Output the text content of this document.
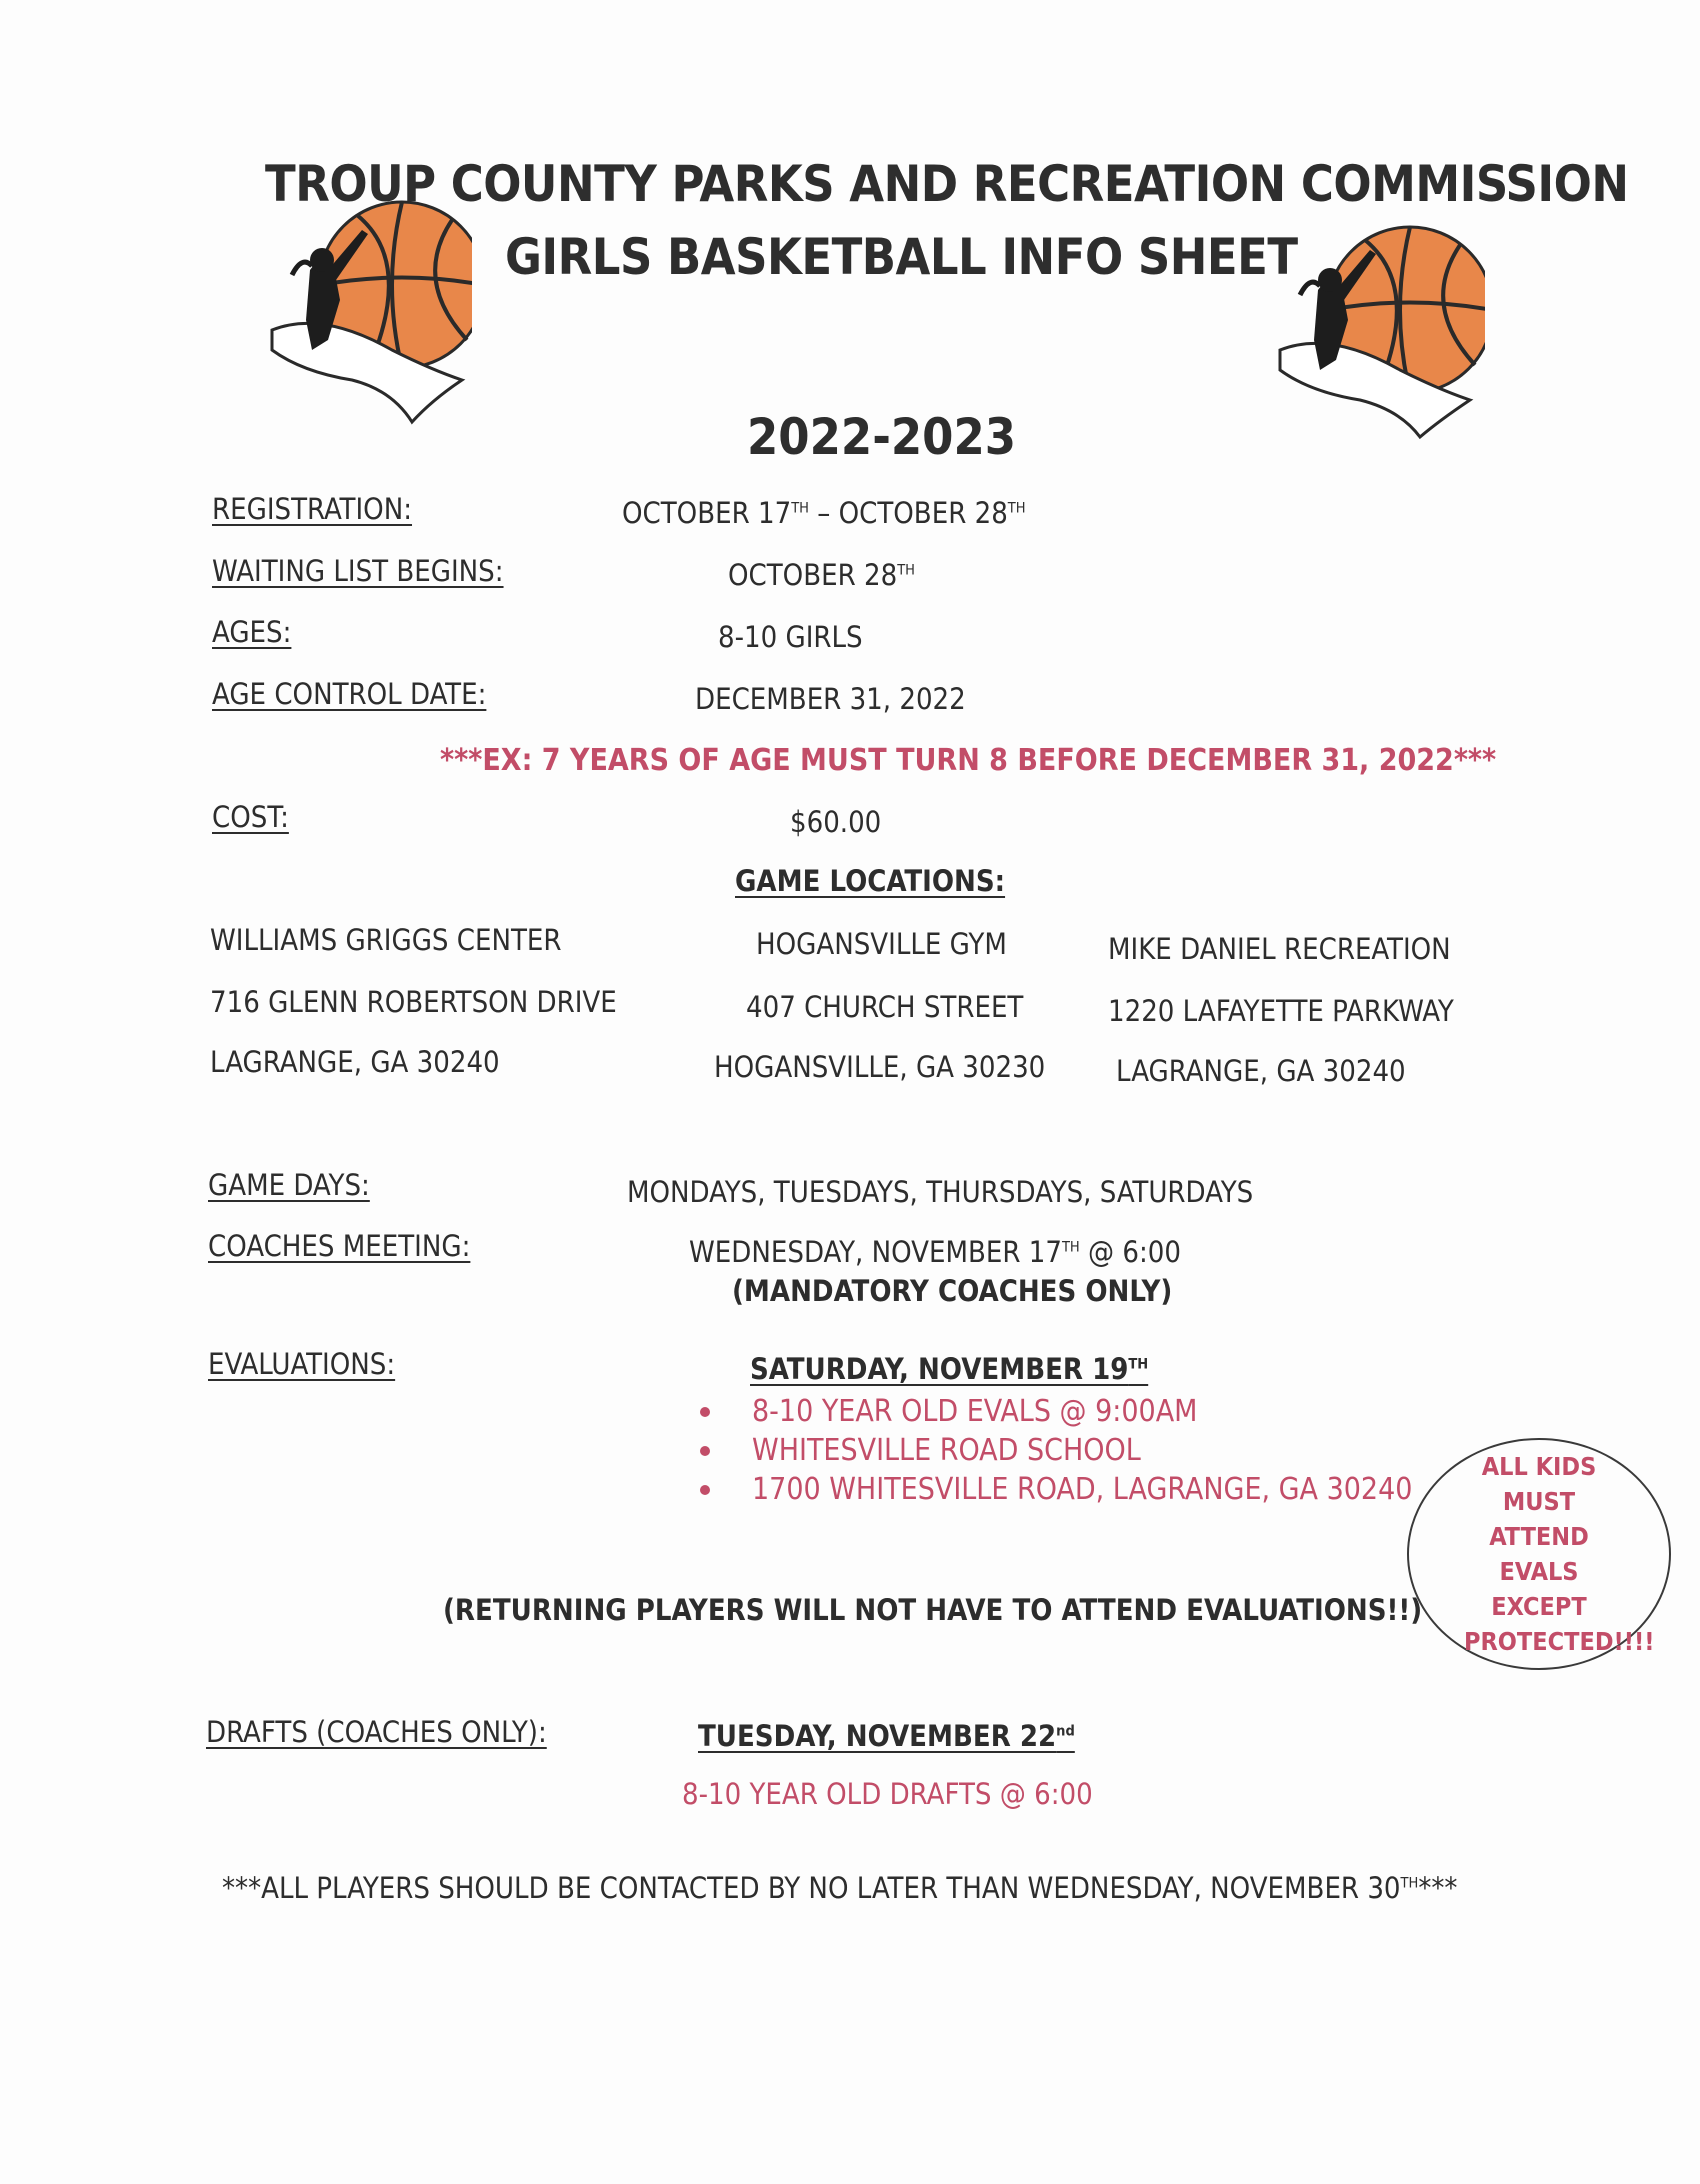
TROUP COUNTY PARKS AND RECREATION COMMISSION
GIRLS BASKETBALL INFO SHEET
2022-2023
REGISTRATION:	OCTOBER 17TH – OCTOBER 28TH
WAITING LIST BEGINS:	OCTOBER 28TH
AGES:	8-10 GIRLS
AGE CONTROL DATE:	DECEMBER 31, 2022
***EX: 7 YEARS OF AGE MUST TURN 8 BEFORE DECEMBER 31, 2022***
COST:	$60.00
GAME LOCATIONS:
WILLIAMS GRIGGS CENTER
716 GLENN ROBERTSON DRIVE
LAGRANGE, GA 30240
HOGANSVILLE GYM
407 CHURCH STREET
HOGANSVILLE, GA 30230
MIKE DANIEL RECREATION
1220 LAFAYETTE PARKWAY
LAGRANGE, GA 30240
GAME DAYS:	MONDAYS, TUESDAYS, THURSDAYS, SATURDAYS
COACHES MEETING:	WEDNESDAY, NOVEMBER 17TH @ 6:00
(MANDATORY COACHES ONLY)
EVALUATIONS:	SATURDAY, NOVEMBER 19TH
8-10 YEAR OLD EVALS @ 9:00AM
WHITESVILLE ROAD SCHOOL
1700 WHITESVILLE ROAD, LAGRANGE, GA 30240
ALL KIDS MUST ATTEND EVALS EXCEPT PROTECTED!!!!
(RETURNING PLAYERS WILL NOT HAVE TO ATTEND EVALUATIONS!!)
DRAFTS (COACHES ONLY):	TUESDAY, NOVEMBER 22nd
8-10 YEAR OLD DRAFTS @ 6:00
***ALL PLAYERS SHOULD BE CONTACTED BY NO LATER THAN WEDNESDAY, NOVEMBER 30TH***
